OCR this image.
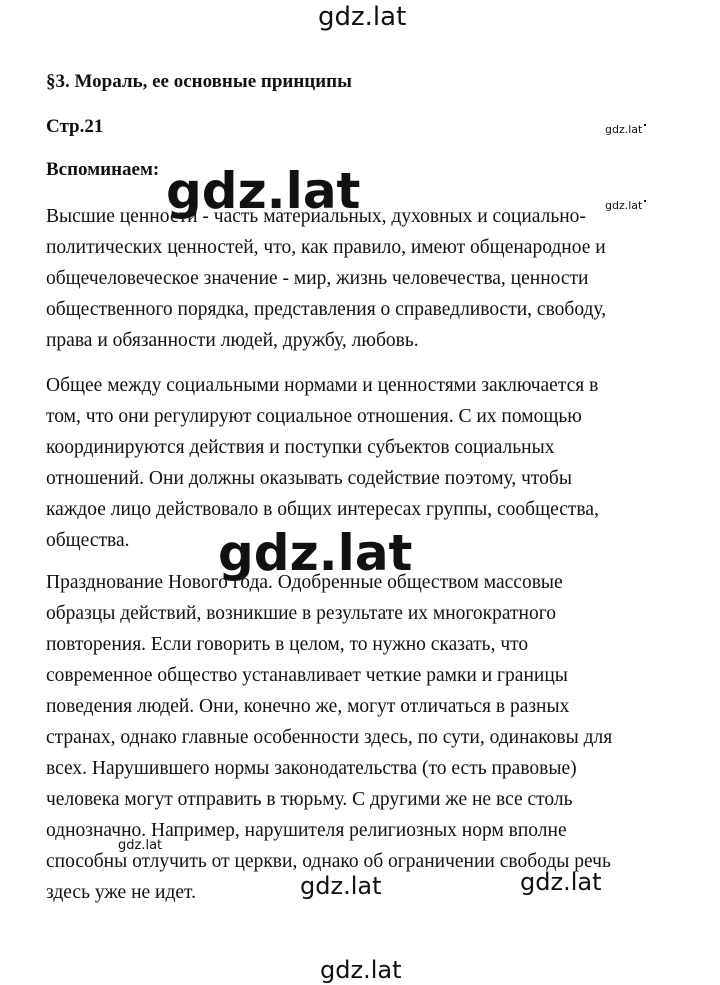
gdz.lat
§3. Мораль, ее основные принципы
Стр.21	gdz.lat
Вспоминаем:
gdz.lat

Высшие ценности - часть материальных, духовных и социально-
политических ценностей, что, как правило, имеют общенародное и
общечеловеческое значение - мир, жизнь человечества, ценности
общественного порядка, представления о справедливости, свободу,
права и обязанности людей, дружбу, любовь.

Общее между социальными нормами и ценностями заключается в
том, что они регулируют социальное отношения. С их помощью
координируются действия и поступки субъектов социальных
отношений. Они должны оказывать содействие поэтому, чтобы
каждое лицо действовало в общих интересах группы, сообщества,
общества.

Празднование Нового года. Одобренные обществом массовые
образцы действий, возникшие в результате их многократного
повторения. Если говорить в целом, то нужно сказать, что
современное общество устанавливает четкие рамки и границы
поведения людей. Они, конечно же, могут отличаться в разных
странах, однако главные особенности здесь, по сути, одинаковы для
всех. Нарушившего нормы законодательства (то есть правовые)
человека могут отправить в тюрьму. С другими же не все столь
однозначно. Например, нарушителя религиозных норм вполне
способны отлучить от церкви, однако об ограничении свободы речь
здесь уже не идет.

gdz.lat
gdz.lat
gdz.lat
gdz.lat	gdz.lat
gdz.lat
